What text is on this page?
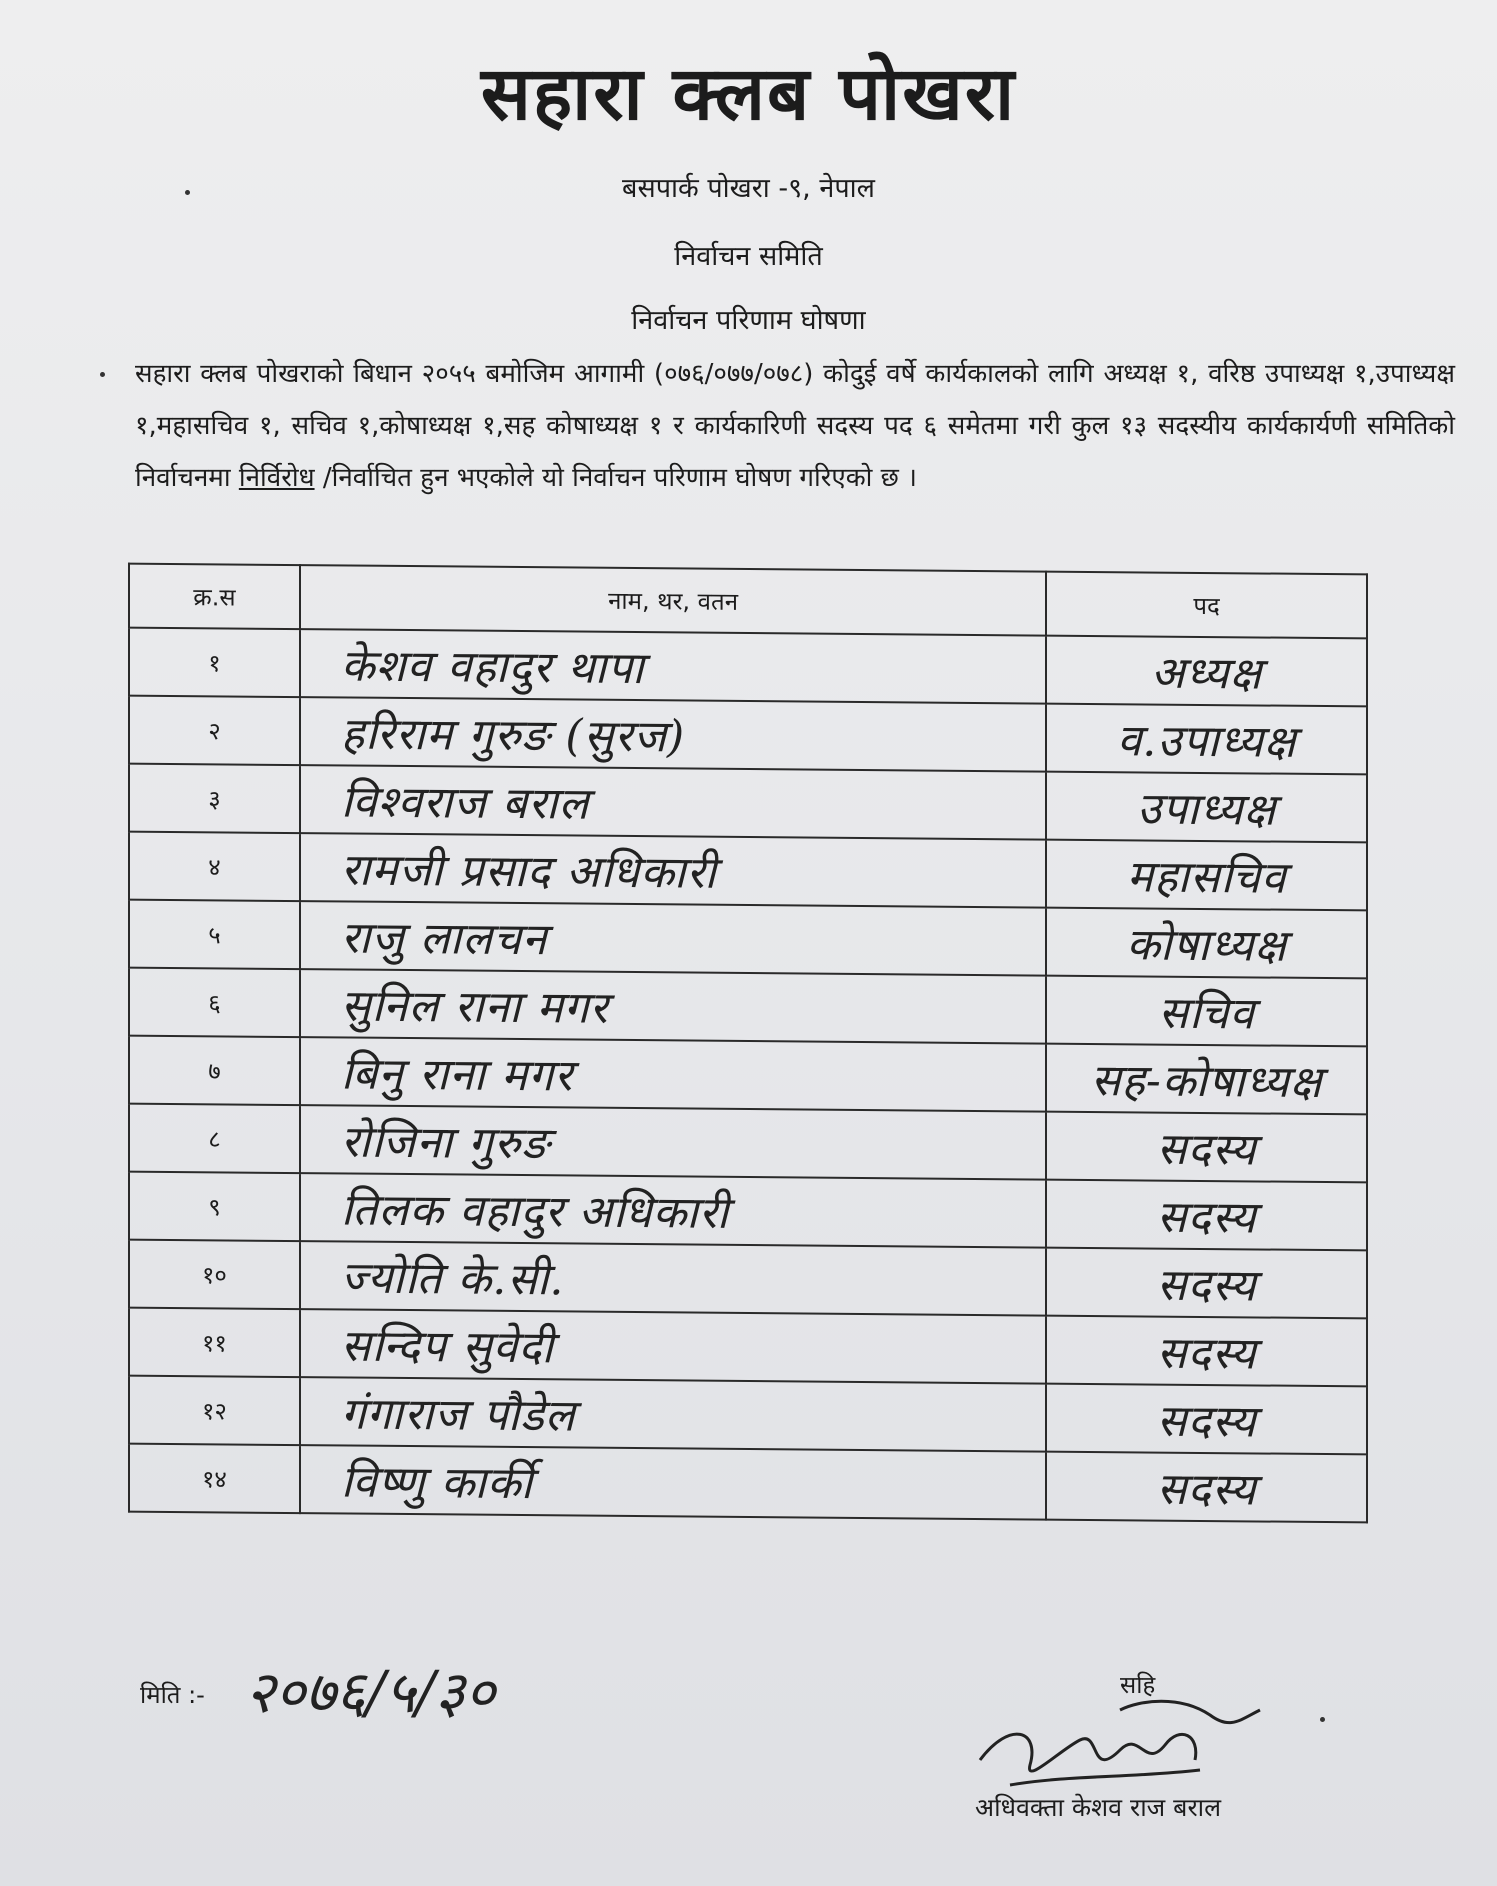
सहारा क्लब पोखरा
बसपार्क पोखरा -९, नेपाल
निर्वाचन समिति
निर्वाचन परिणाम घोषणा
सहारा क्लब पोखराको बिधान २०५५ बमोजिम आगामी (०७६/०७७/०७८) कोदुई वर्षे कार्यकालको लागि अध्यक्ष १, वरिष्ठ उपाध्यक्ष १,उपाध्यक्ष १,महासचिव १, सचिव १,कोषाध्यक्ष १,सह कोषाध्यक्ष १ र कार्यकारिणी सदस्य पद ६ समेतमा गरी कुल १३ सदस्यीय कार्यकार्यणी समितिको निर्वाचनमा निर्विरोध /निर्वाचित हुन भएकोले यो निर्वाचन परिणाम घोषण गरिएको छ ।
क्र.स	नाम, थर, वतन	पद
१	केशव वहादुर थापा	अध्यक्ष
२	हरिराम गुरुङ (सुरज)	व.उपाध्यक्ष
३	विश्वराज बराल	उपाध्यक्ष
४	रामजी प्रसाद अधिकारी	महासचिव
५	राजु लालचन	कोषाध्यक्ष
६	सुनिल राना मगर	सचिव
७	बिनु राना मगर	सह-कोषाध्यक्ष
८	रोजिना गुरुङ	सदस्य
९	तिलक वहादुर अधिकारी	सदस्य
१०	ज्योति के.सी.	सदस्य
११	सन्दिप सुवेदी	सदस्य
१२	गंगाराज पौडेल	सदस्य
१४	विष्णु कार्की	सदस्य
मिति :- २०७६/५/३०	सहि
अधिवक्ता केशव राज बराल
